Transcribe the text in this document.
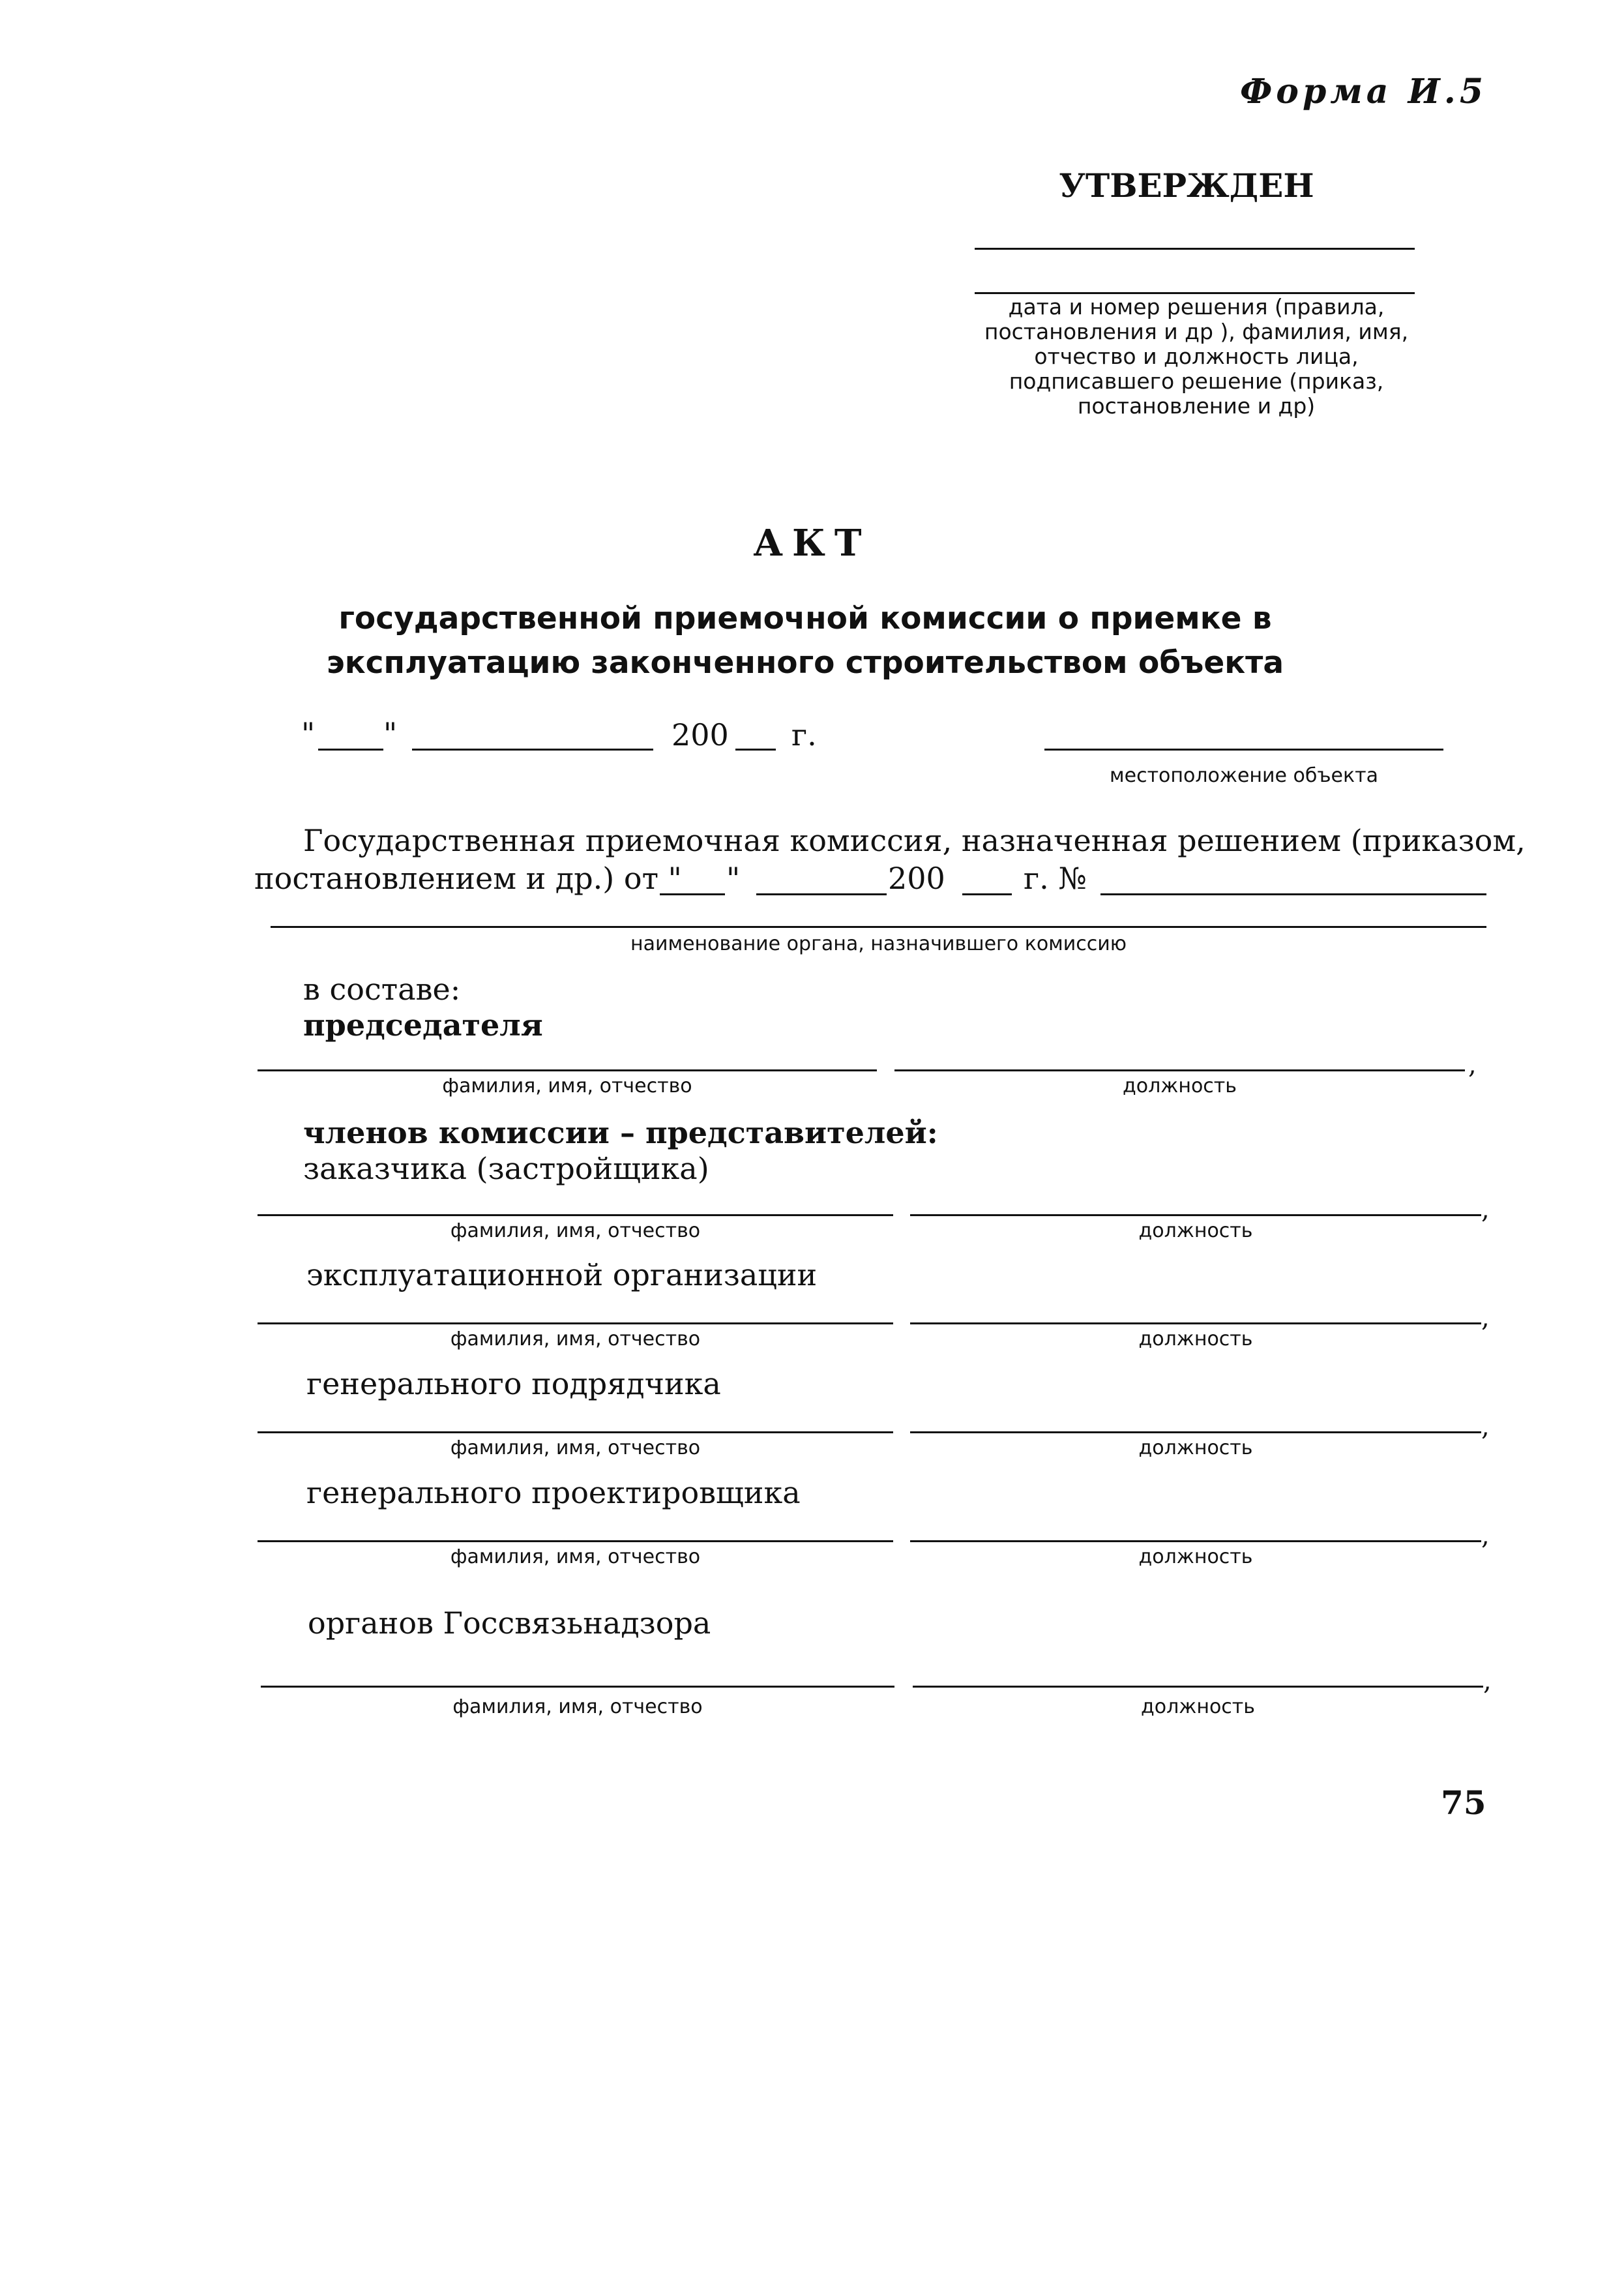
Форма И.5
УТВЕРЖДЕН
дата и номер решения (правила, постановления и др ), фамилия, имя, отчество и должность лица, подписавшего решение (приказ, постановление и др)
АКТ
государственной приемочной комиссии о приемке в эксплуатацию законченного строительством объекта
" "	200 г.
местоположение объекта
Государственная приемочная комиссия, назначенная решением (приказом,
постановлением и др.) от " "	200	г. №
наименование органа, назначившего комиссию
в составе:
председателя
,
фамилия, имя, отчество	должность
членов комиссии – представителей:
заказчика (застройщика)
,
фамилия, имя, отчество	должность
эксплуатационной организации
,
фамилия, имя, отчество	должность
генерального подрядчика
,
фамилия, имя, отчество	должность
генерального проектировщика
,
фамилия, имя, отчество	должность
органов Госсвязьнадзора
,
фамилия, имя, отчество	должность
75
